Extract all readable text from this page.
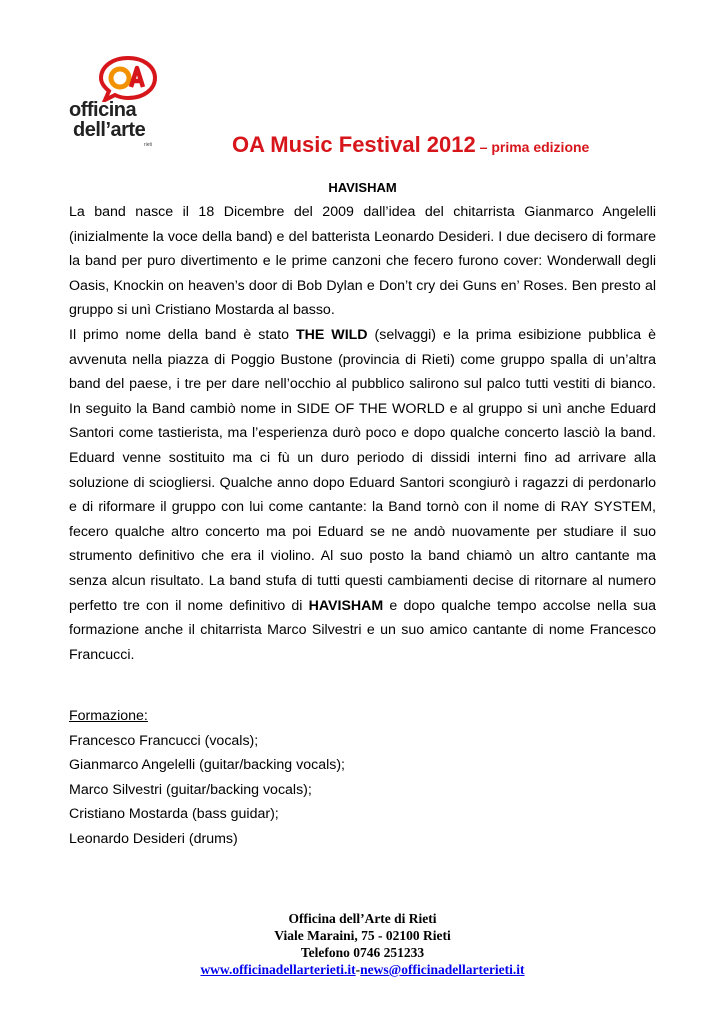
officina
dell’arte
rieti	OA Music Festival 2012 – prima edizione
HAVISHAM

La band nasce il 18 Dicembre del 2009 dall’idea del chitarrista Gianmarco Angelelli (inizialmente la voce della band) e del batterista Leonardo Desideri. I due decisero di formare la band per puro divertimento e le prime canzoni che fecero furono cover: Wonderwall degli Oasis, Knockin on heaven’s door di Bob Dylan e Don’t cry dei Guns en’ Roses. Ben presto al gruppo si unì Cristiano Mostarda al basso.

Il primo nome della band è stato THE WILD (selvaggi) e la prima esibizione pubblica è avvenuta nella piazza di Poggio Bustone (provincia di Rieti) come gruppo spalla di un’altra band del paese, i tre per dare nell’occhio al pubblico salirono sul palco tutti vestiti di bianco. In seguito la Band cambiò nome in SIDE OF THE WORLD e al gruppo si unì anche Eduard Santori come tastierista, ma l’esperienza durò poco e dopo qualche concerto lasciò la band. Eduard venne sostituito ma ci fù un duro periodo di dissidi interni fino ad arrivare alla soluzione di sciogliersi. Qualche anno dopo Eduard Santori scongiurò i ragazzi di perdonarlo e di riformare il gruppo con lui come cantante: la Band tornò con il nome di RAY SYSTEM, fecero qualche altro concerto ma poi Eduard se ne andò nuovamente per studiare il suo strumento definitivo che era il violino. Al suo posto la band chiamò un altro cantante ma senza alcun risultato. La band stufa di tutti questi cambiamenti decise di ritornare al numero perfetto tre con il nome definitivo di HAVISHAM e dopo qualche tempo accolse nella sua formazione anche il chitarrista Marco Silvestri e un suo amico cantante di nome Francesco Francucci.

Formazione:
Francesco Francucci (vocals);
Gianmarco Angelelli (guitar/backing vocals);
Marco Silvestri (guitar/backing vocals);
Cristiano Mostarda (bass guidar);
Leonardo Desideri (drums)
Officina dell’Arte di Rieti
Viale Maraini, 75 - 02100 Rieti
Telefono 0746 251233
www.officinadellarterieti.it-news@officinadellarterieti.it
